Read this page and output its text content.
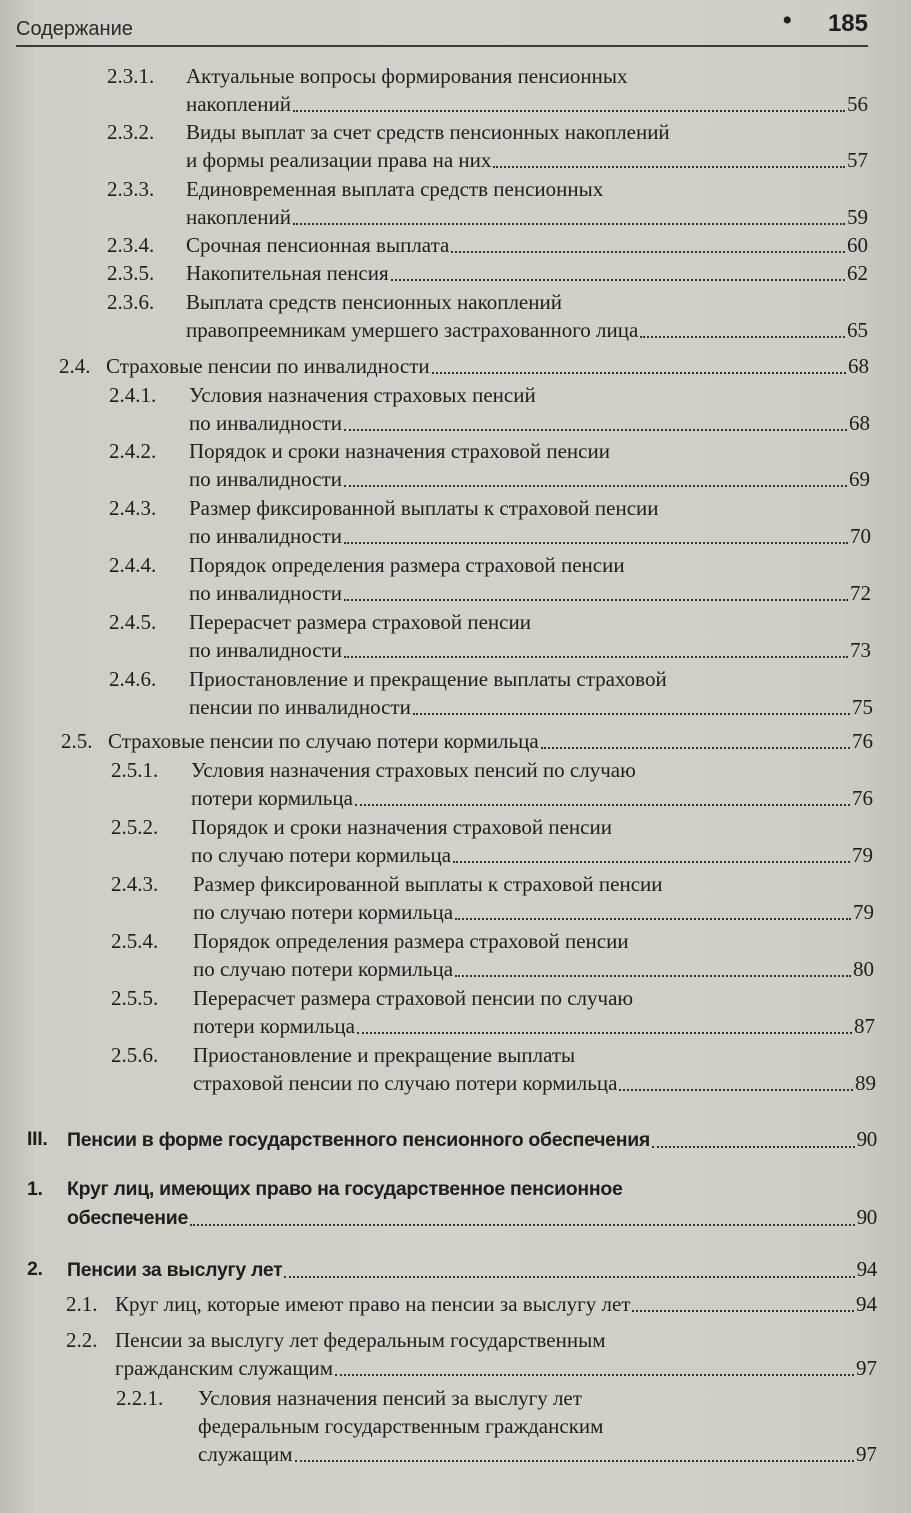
Содержание	• 185
2.3.1. Актуальные вопросы формирования пенсионных
накоплений	56
2.3.2. Виды выплат за счет средств пенсионных накоплений
и формы реализации права на них	57
2.3.3. Единовременная выплата средств пенсионных
накоплений	59
2.3.4. Срочная пенсионная выплата	60
2.3.5. Накопительная пенсия	62
2.3.6. Выплата средств пенсионных накоплений
правопреемникам умершего застрахованного лица	65
2.4. Страховые пенсии по инвалидности	68
2.4.1. Условия назначения страховых пенсий
по инвалидности	68
2.4.2. Порядок и сроки назначения страховой пенсии
по инвалидности	69
2.4.3. Размер фиксированной выплаты к страховой пенсии
по инвалидности	70
2.4.4. Порядок определения размера страховой пенсии
по инвалидности	72
2.4.5. Перерасчет размера страховой пенсии
по инвалидности	73
2.4.6. Приостановление и прекращение выплаты страховой
пенсии по инвалидности	75
2.5. Страховые пенсии по случаю потери кормильца	76
2.5.1. Условия назначения страховых пенсий по случаю
потери кормильца	76
2.5.2. Порядок и сроки назначения страховой пенсии
по случаю потери кормильца	79
2.4.3. Размер фиксированной выплаты к страховой пенсии
по случаю потери кормильца	79
2.5.4. Порядок определения размера страховой пенсии
по случаю потери кормильца	80
2.5.5. Перерасчет размера страховой пенсии по случаю
потери кормильца	87
2.5.6. Приостановление и прекращение выплаты
страховой пенсии по случаю потери кормильца	89
III. Пенсии в форме государственного пенсионного обеспечения	90
1. Круг лиц, имеющих право на государственное пенсионное
обеспечение	90
2. Пенсии за выслугу лет	94
2.1. Круг лиц, которые имеют право на пенсии за выслугу лет	94
2.2. Пенсии за выслугу лет федеральным государственным
гражданским служащим	97
2.2.1. Условия назначения пенсий за выслугу лет
федеральным государственным гражданским
служащим	97
